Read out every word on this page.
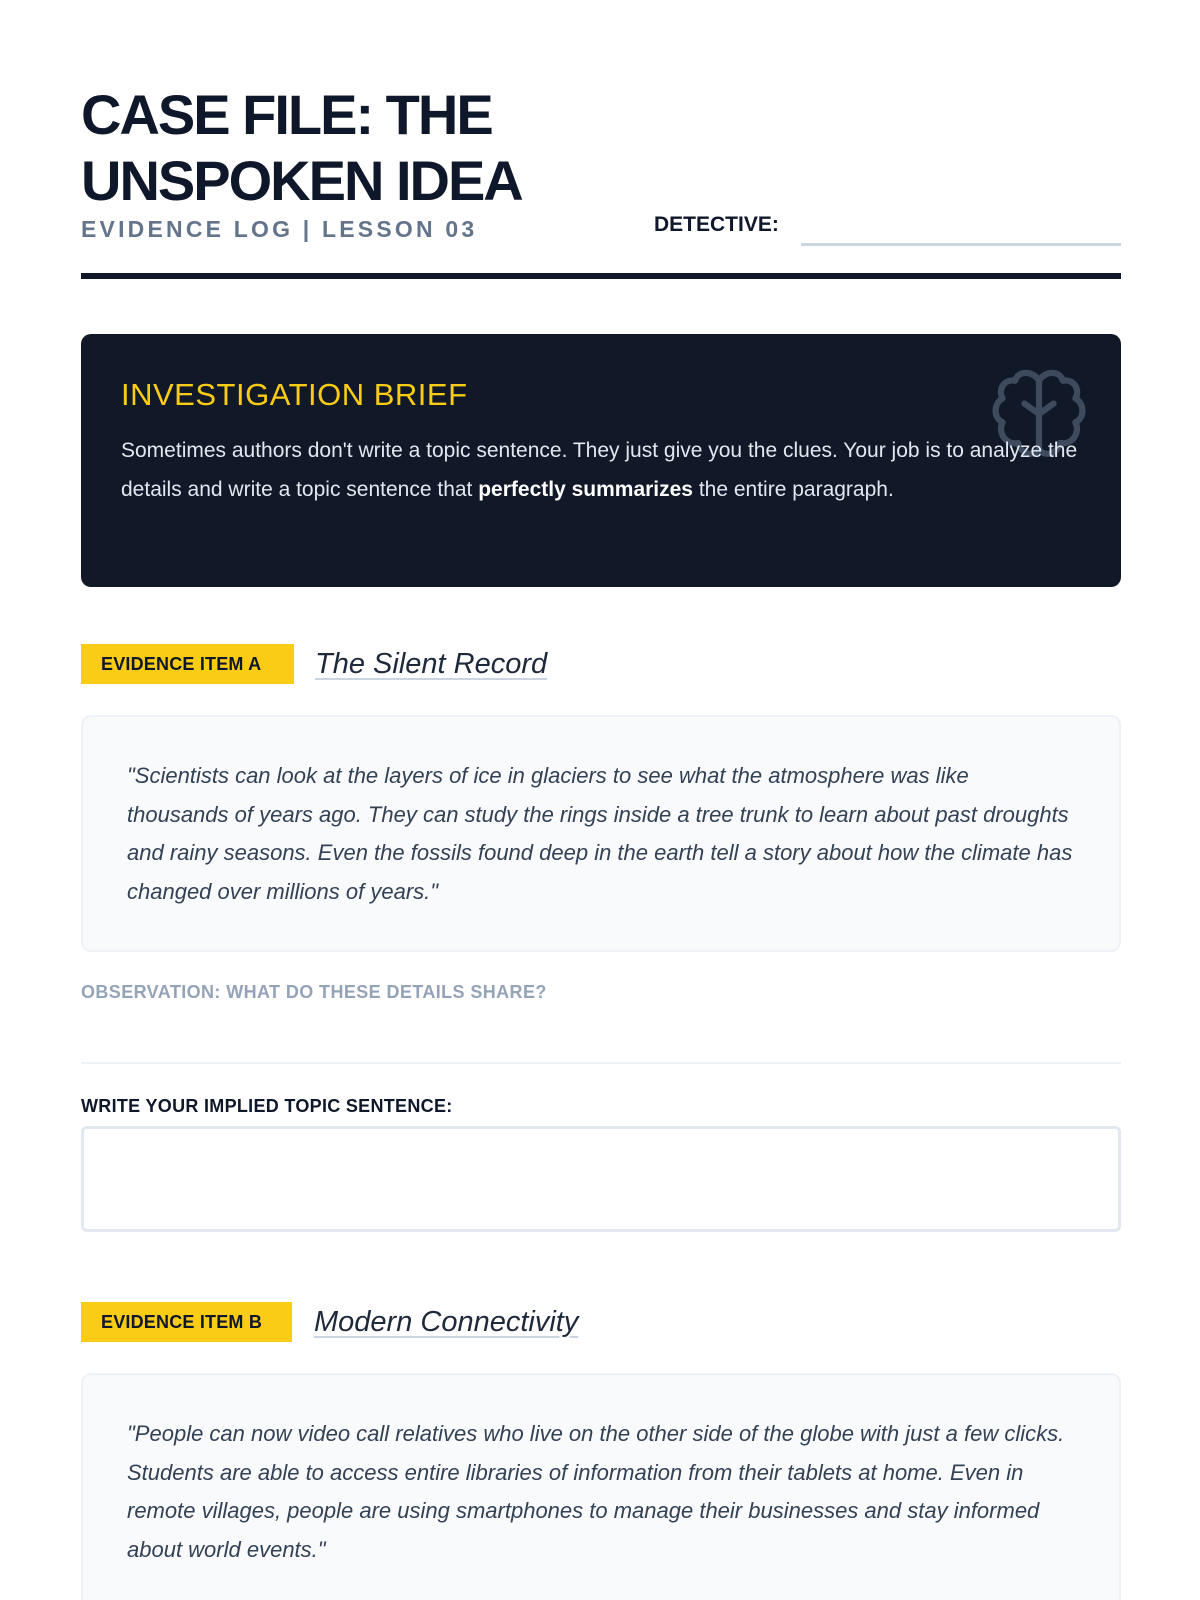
CASE FILE: THE UNSPOKEN IDEA
EVIDENCE LOG | LESSON 03	DETECTIVE:
INVESTIGATION BRIEF

Sometimes authors don't write a topic sentence. They just give you the clues. Your job is to analyze the details and write a topic sentence that perfectly summarizes the entire paragraph.

EVIDENCE ITEM A	The Silent Record

"Scientists can look at the layers of ice in glaciers to see what the atmosphere was like thousands of years ago. They can study the rings inside a tree trunk to learn about past droughts and rainy seasons. Even the fossils found deep in the earth tell a story about how the climate has changed over millions of years."

OBSERVATION: WHAT DO THESE DETAILS SHARE?
WRITE YOUR IMPLIED TOPIC SENTENCE:
EVIDENCE ITEM B	Modern Connectivity

"People can now video call relatives who live on the other side of the globe with just a few clicks. Students are able to access entire libraries of information from their tablets at home. Even in remote villages, people are using smartphones to manage their businesses and stay informed about world events."
